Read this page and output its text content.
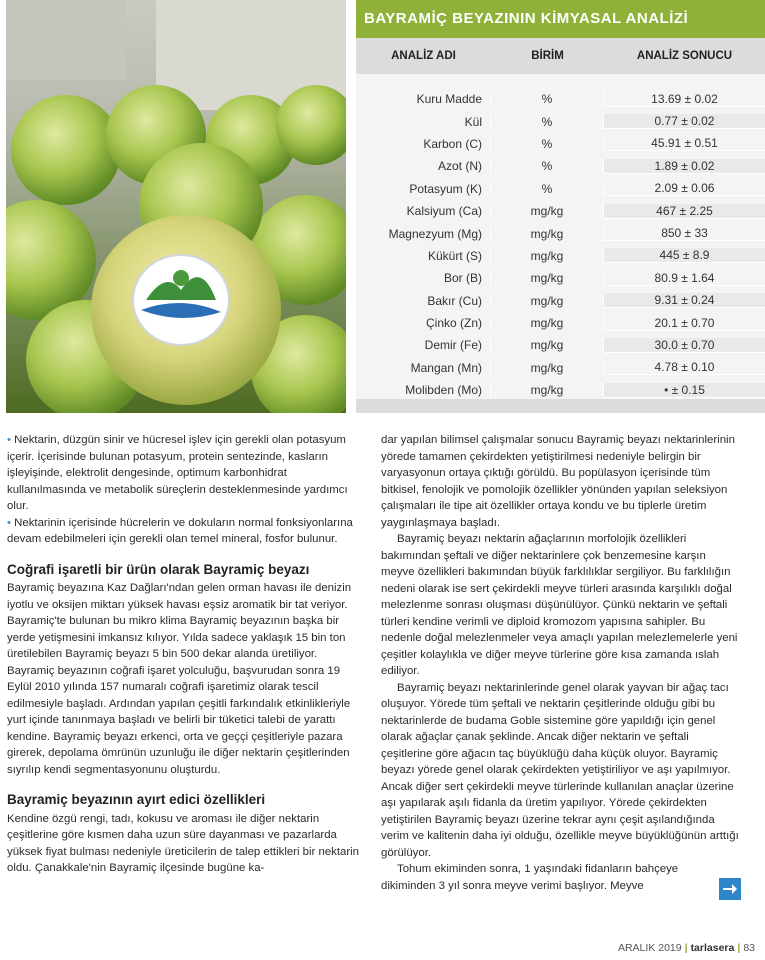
BAYRAMİÇ BEYAZININ KİMYASAL ANALİZİ
ANALİZ ADI	BİRİM	ANALİZ SONUCU
Kuru Madde	%	13.69 ± 0.02
Kül	%	0.77 ± 0.02
Karbon (C)	%	45.91 ± 0.51
Azot (N)	%	1.89 ± 0.02
Potasyum (K)	%	2.09 ± 0.06
Kalsiyum (Ca)	mg/kg	467 ± 2.25
Magnezyum (Mg)	mg/kg	850 ± 33
Kükürt (S)	mg/kg	445 ± 8.9
Bor (B)	mg/kg	80.9 ± 1.64
Bakır (Cu)	mg/kg	9.31 ± 0.24
Çinko (Zn)	mg/kg	20.1 ± 0.70
Demir (Fe)	mg/kg	30.0 ± 0.70
Mangan (Mn)	mg/kg	4.78 ± 0.10
Molibden (Mo)	mg/kg	• ± 0.15

• Nektarin, düzgün sinir ve hücresel işlev için gerekli olan potasyum içerir. İçerisinde bulunan potasyum, protein sentezinde, kasların işleyişinde, elektrolit dengesinde, optimum karbonhidrat kullanılmasında ve metabolik süreçlerin desteklenmesinde yardımcı olur.

• Nektarinin içerisinde hücrelerin ve dokuların normal fonksiyonlarına devam edebilmeleri için gerekli olan temel mineral, fosfor bulunur.

Coğrafi işaretli bir ürün olarak Bayramiç beyazı

Bayramiç beyazına Kaz Dağları'ndan gelen orman havası ile denizin iyotlu ve oksijen miktarı yüksek havası eşsiz aromatik bir tat veriyor. Bayramiç'te bulunan bu mikro klima Bayramiç beyazının başka bir yerde yetişmesini imkansız kılıyor. Yılda sadece yaklaşık 15 bin ton üretilebilen Bayramiç beyazı 5 bin 500 dekar alanda üretiliyor. Bayramiç beyazının coğrafi işaret yolculuğu, başvurudan sonra 19 Eylül 2010 yılında 157 numaralı coğrafi işaretimiz olarak tescil edilmesiyle başladı. Ardından yapılan çeşitli farkındalık etkinlikleriyle yurt içinde tanınmaya başladı ve belirli bir tüketici talebi de yarattı kendine. Bayramiç beyazı erkenci, orta ve geççi çeşitleriyle pazara girerek, depolama ömrünün uzunluğu ile diğer nektarin çeşitlerinden sıyrılıp kendi segmentasyonunu oluşturdu.

Bayramiç beyazının ayırt edici özellikleri

Kendine özgü rengi, tadı, kokusu ve aroması ile diğer nektarin çeşitlerine göre kısmen daha uzun süre dayanması ve pazarlarda yüksek fiyat bulması nedeniyle üreticilerin de talep ettikleri bir nektarin oldu. Çanakkale'nin Bayramiç ilçesinde bugüne ka-

dar yapılan bilimsel çalışmalar sonucu Bayramiç beyazı nektarinlerinin yörede tamamen çekirdekten yetiştirilmesi nedeniyle belirgin bir varyasyonun ortaya çıktığı görüldü. Bu popülasyon içerisinde tüm bitkisel, fenolojik ve pomolojik özellikler yönünden yapılan seleksiyon çalışmaları ile tipe ait özellikler ortaya kondu ve bu tiplerle üretim yaygınlaşmaya başladı.

Bayramiç beyazı nektarin ağaçlarının morfolojik özellikleri bakımından şeftali ve diğer nektarinlere çok benzemesine karşın meyve özellikleri bakımından büyük farklılıklar sergiliyor. Bu farklılığın nedeni olarak ise sert çekirdekli meyve türleri arasında karşılıklı doğal melezlenme sonrası oluşması düşünülüyor. Çünkü nektarin ve şeftali türleri kendine verimli ve diploid kromozom yapısına sahipler. Bu nedenle doğal melezlenmeler veya amaçlı yapılan melezlemelerle yeni çeşitler kolaylıkla ve diğer meyve türlerine göre kısa zamanda ıslah ediliyor.

Bayramiç beyazı nektarinlerinde genel olarak yayvan bir ağaç tacı oluşuyor. Yörede tüm şeftali ve nektarin çeşitlerinde olduğu gibi bu nektarinlerde de budama Goble sistemine göre yapıldığı için genel olarak ağaçlar çanak şeklinde. Ancak diğer nektarin ve şeftali çeşitlerine göre ağacın taç büyüklüğü daha küçük oluyor. Bayramiç beyazı yörede genel olarak çekirdekten yetiştiriliyor ve aşı yapılmıyor. Ancak diğer sert çekirdekli meyve türlerinde kullanılan anaçlar üzerine aşı yapılarak aşılı fidanla da üretim yapılıyor. Yörede çekirdekten yetiştirilen Bayramiç beyazı üzerine tekrar aynı çeşit aşılandığında verim ve kalitenin daha iyi olduğu, özellikle meyve büyüklüğünün arttığı görülüyor.

Tohum ekiminden sonra, 1 yaşındaki fidanların bahçeye dikiminden 3 yıl sonra meyve verimi başlıyor. Meyve

ARALIK 2019 | tarlasera | 83
